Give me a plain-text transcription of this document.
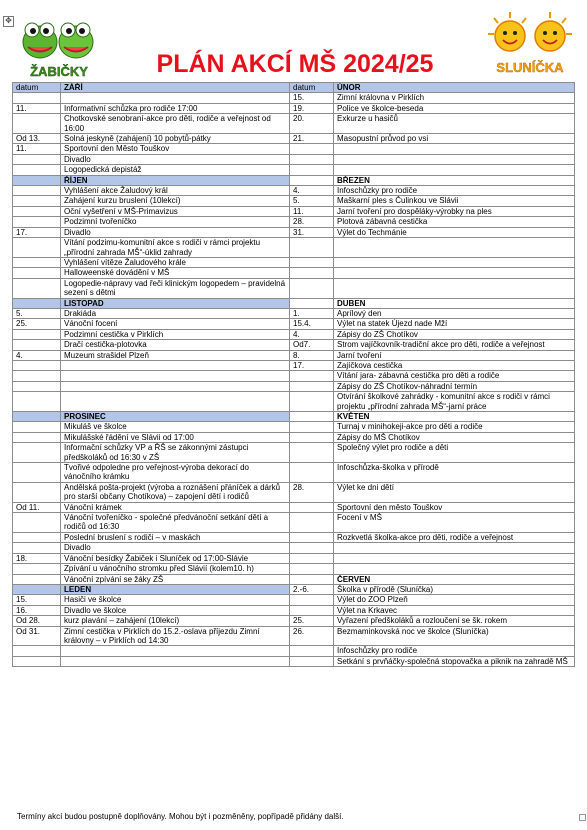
✥
ŽABIČKY	SLUNÍČKA
PLÁN AKCÍ MŠ 2024/25
datum	ZÁŘÍ	datum	ÚNOR
		15.	Zimní královna v Pirklích
11.	Informativní schůzka pro rodiče 17:00	19.	Police ve školce-beseda
	Chotkovské senobraní-akce pro děti, rodiče a veřejnost od 16:00	20.	Exkurze u hasičů
Od 13.	Solná jeskyně (zahájení) 10 pobytů-pátky	21.	Masopustní průvod po vsi
11.	Sportovní den Město Touškov		
	Divadlo		
	Logopedická depistáž		
	ŘÍJEN		BŘEZEN
	Vyhlášení akce Žaludový král	4.	Infoschůzky pro rodiče
	Zahájení kurzu bruslení (10lekcí)	5.	Maškarní ples s Čulinkou ve Slávii
	Oční vyšetření v MŠ-Primavizus	11.	Jarní tvoření pro dospěláky-výrobky na ples
	Podzimní tvořeníčko	28.	Plotová zábavná cestička
17.	Divadlo	31.	Výlet do Techmánie
	Vítání podzimu-komunitní akce s rodiči v rámci projektu „přírodní zahrada MŠ“-úklid zahrady		
	Vyhlášení vítěze Žaludového krále		
	Halloweenské dovádění v MŠ		
	Logopedie-nápravy vad řeči klinickým logopedem – pravidelná sezení s dětmi		
	LISTOPAD		DUBEN
5.	Drakiáda	1.	Aprílový den
25.	Vánoční focení	15.4.	Výlet na statek Újezd nade Mží
	Podzimní cestička v Pirklích	4.	Zápisy do ZŠ Chotíkov
	Dračí cestička-plotovka	Od7.	Strom vajíčkovník-tradiční akce pro děti, rodiče a veřejnost
4.	Muzeum strašidel Plzeň	8.	Jarní tvoření
		17.	Zajíčkova cestička
			Vítání jara- zábavná cestička pro děti a rodiče
			Zápisy do ZŠ Chotíkov-náhradní termín
			Otvírání školkové zahrádky - komunitní akce s rodiči v rámci projektu „přírodní zahrada MŠ“-jarní práce
	PROSINEC		KVĚTEN
	Mikuláš ve školce		Turnaj v minihokeji-akce pro děti a rodiče
	Mikulášské řádění ve Slávii od 17:00		Zápisy do MŠ Chotíkov
	Informační schůzky VP a ŘŠ se zákonnými zástupci předškoláků od 16:30 v ZŠ		Společný výlet pro rodiče a děti
	Tvořivé odpoledne pro veřejnost-výroba dekorací do vánočního krámku		Infoschůzka-školka v přírodě
	Andělská pošta-projekt (výroba a roznášení přáníček a dárků pro starší občany Chotíkova) – zapojení dětí i rodičů	28.	Výlet ke dni dětí
Od 11.	Vánoční krámek		Sportovní den město Touškov
	Vánoční tvořeníčko - společné předvánoční setkání dětí a rodičů od 16:30		Focení v MŠ
	Poslední bruslení s rodiči – v maskách		Rozkvetlá školka-akce pro děti, rodiče a veřejnost
	Divadlo		
18.	Vánoční besídky Žabiček i Sluníček od 17:00-Slávie		
	Zpívání u vánočního stromku před Slávií (kolem10. h)		
	Vánoční zpívání se žáky ZŠ		ČERVEN
	LEDEN	2.-6.	Školka v přírodě (Sluníčka)
15.	Hasiči ve školce		Výlet do ZOO Plzeň
16.	Divadlo ve školce		Výlet na Krkavec
Od 28.	kurz plavání – zahájení (10lekcí)	25.	Vyřazení předškoláků a rozloučení se šk. rokem
Od 31.	Zimní cestička v Pirklích do 15.2.-oslava příjezdu Zimní královny – v Pirklích od 14:30	26.	Bezmaminkovská noc ve školce (Sluníčka)
			Infoschůzky pro rodiče
			Setkání s prvňáčky-společná stopovačka a piknik na zahradě MŠ
Termíny akcí budou postupně doplňovány. Mohou být i pozměněny, popřípadě přidány další.
